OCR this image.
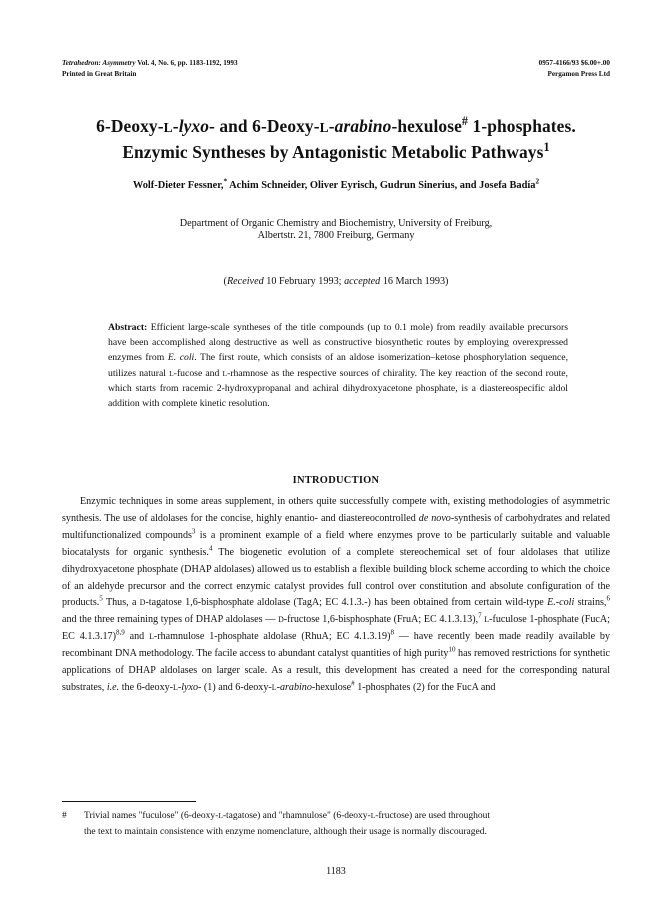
Tetrahedron: Asymmetry Vol. 4, No. 6, pp. 1183-1192, 1993
Printed in Great Britain
0957-4166/93 $6.00+.00
Pergamon Press Ltd
6-Deoxy-L-lyxo- and 6-Deoxy-L-arabino-hexulose# 1-phosphates.
Enzymic Syntheses by Antagonistic Metabolic Pathways$^1$
Wolf-Dieter Fessner,* Achim Schneider, Oliver Eyrisch, Gudrun Sinerius, and Josefa Badía$^2$
Department of Organic Chemistry and Biochemistry, University of Freiburg,
Albertstr. 21, 7800 Freiburg, Germany
(Received 10 February 1993; accepted 16 March 1993)
Abstract: Efficient large-scale syntheses of the title compounds (up to 0.1 mole) from readily available precursors have been accomplished along destructive as well as constructive biosynthetic routes by employing overexpressed enzymes from E. coli. The first route, which consists of an aldose isomerization–ketose phosphorylation sequence, utilizes natural L-fucose and L-rhamnose as the respective sources of chirality. The key reaction of the second route, which starts from racemic 2-hydroxypropanal and achiral dihydroxyacetone phosphate, is a diastereospecific aldol addition with complete kinetic resolution.
INTRODUCTION

Enzymic techniques in some areas supplement, in others quite successfully compete with, existing methodologies of asymmetric synthesis. The use of aldolases for the concise, highly enantio- and diastereocontrolled de novo-synthesis of carbohydrates and related multifunctionalized compounds$^3$ is a prominent example of a field where enzymes prove to be particularly suitable and valuable biocatalysts for organic synthesis.$^4$ The biogenetic evolution of a complete stereochemical set of four aldolases that utilize dihydroxyacetone phosphate (DHAP aldolases) allowed us to establish a flexible building block scheme according to which the choice of an aldehyde precursor and the correct enzymic catalyst provides full control over constitution and absolute configuration of the products.$^5$ Thus, a D-tagatose 1,6-bisphosphate aldolase (TagA; EC 4.1.3.-) has been obtained from certain wild-type E.-coli strains,$^6$ and the three remaining types of DHAP aldolases — D-fructose 1,6-bisphosphate (FruA; EC 4.1.3.13),$^7$ L-fuculose 1-phosphate (FucA; EC 4.1.3.17)$^{8,9}$ and L-rhamnulose 1-phosphate aldolase (RhuA; EC 4.1.3.19)$^8$ — have recently been made readily available by recombinant DNA methodology. The facile access to abundant catalyst quantities of high purity$^{10}$ has removed restrictions for synthetic applications of DHAP aldolases on larger scale. As a result, this development has created a need for the corresponding natural substrates, i.e. the 6-deoxy-L-lyxo- (1) and 6-deoxy-L-arabino-hexulose# 1-phosphates (2) for the FucA and

# Trivial names "fuculose" (6-deoxy-L-tagatose) and "rhamnulose" (6-deoxy-L-fructose) are used throughout
the text to maintain consistence with enzyme nomenclature, although their usage is normally discouraged.
1183
